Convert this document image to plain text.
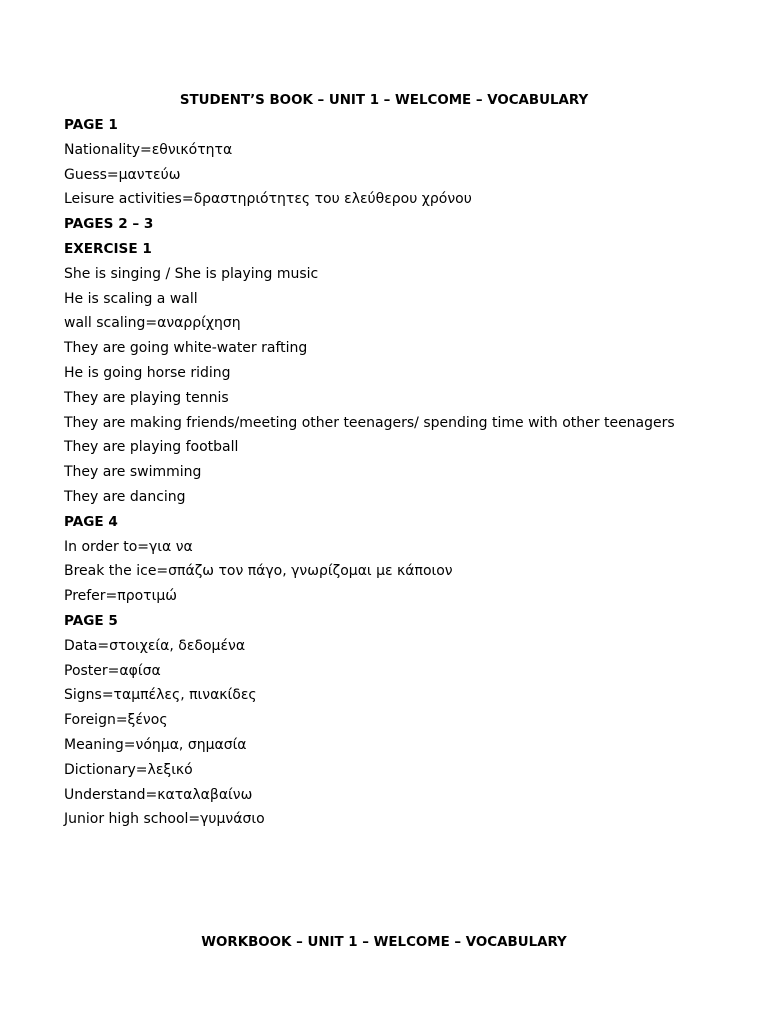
STUDENT’S BOOK – UNIT 1 – WELCOME – VOCABULARY
PAGE 1
Nationality=εθνικότητα
Guess=μαντεύω
Leisure activities=δραστηριότητες του ελεύθερου χρόνου
PAGES 2 – 3
EXERCISE 1
She is singing / She is playing music
He is scaling a wall
wall scaling=αναρρίχηση
They are going white-water rafting
He is going horse riding
They are playing tennis
They are making friends/meeting other teenagers/ spending time with other teenagers
They are playing football
They are swimming
They are dancing
PAGE 4
In order to=για να
Break the ice=σπάζω τον πάγο, γνωρίζομαι με κάποιον
Prefer=προτιμώ
PAGE 5
Data=στοιχεία, δεδομένα
Poster=αφίσα
Signs=ταμπέλες, πινακίδες
Foreign=ξένος
Meaning=νόημα, σημασία
Dictionary=λεξικό
Understand=καταλαβαίνω
Junior high school=γυμνάσιο
WORKBOOK – UNIT 1 – WELCOME – VOCABULARY
